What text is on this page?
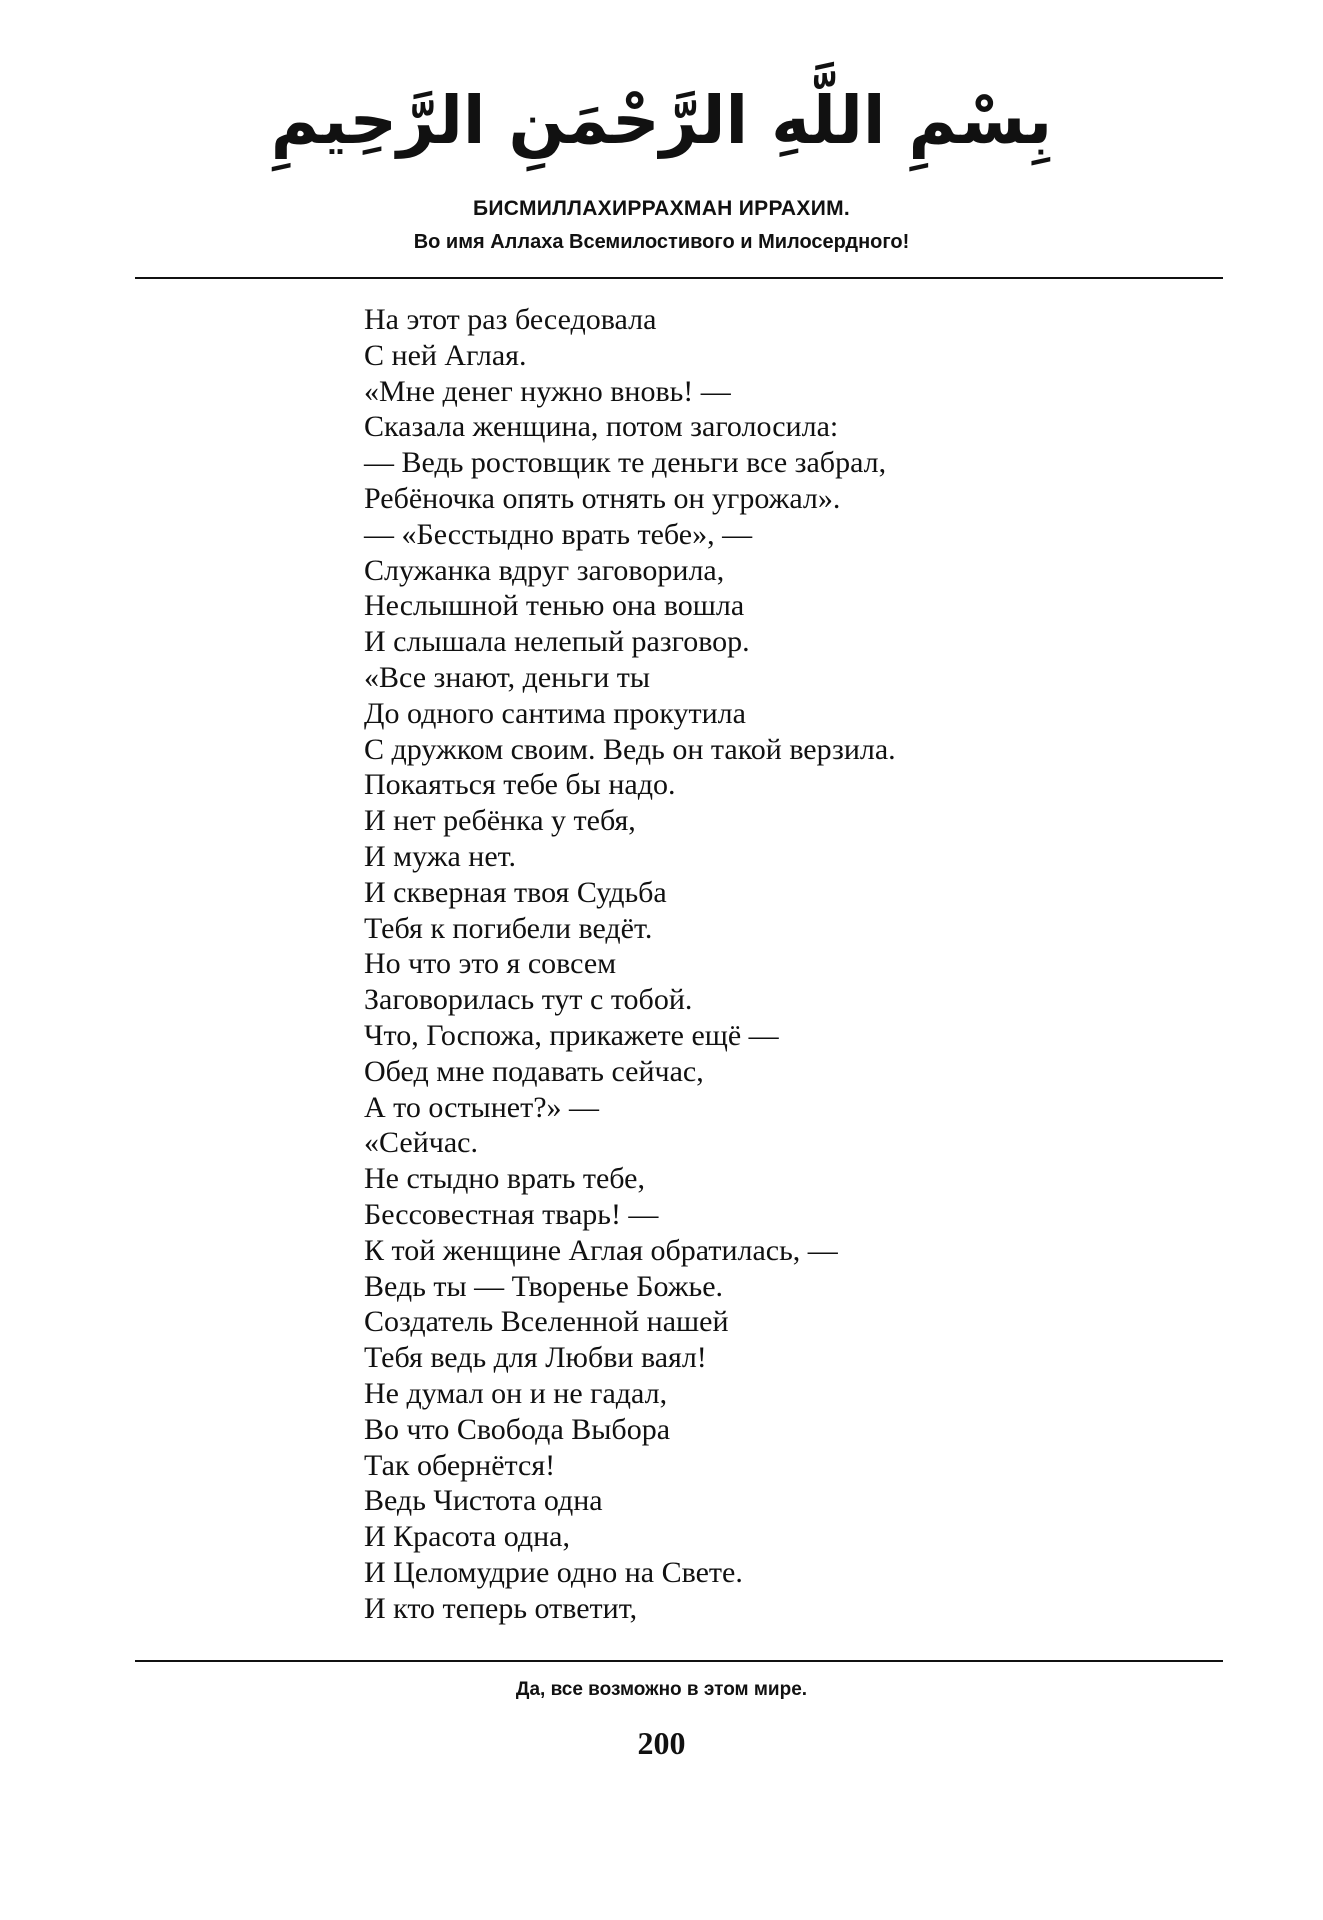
بِسْمِ اللَّهِ الرَّحْمَنِ الرَّحِيمِ
БИСМИЛЛАХИРРАХМАН ИРРАХИМ.
Во имя Аллаха Всемилостивого и Милосердного!
На этот раз беседовала
С ней Аглая.
«Мне денег нужно вновь! —
Сказала женщина, потом заголосила:
— Ведь ростовщик те деньги все забрал,
Ребёночка опять отнять он угрожал».
— «Бесстыдно врать тебе», —
Служанка вдруг заговорила,
Неслышной тенью она вошла
И слышала нелепый разговор.
«Все знают, деньги ты
До одного сантима прокутила
С дружком своим. Ведь он такой верзила.
Покаяться тебе бы надо.
И нет ребёнка у тебя,
И мужа нет.
И скверная твоя Судьба
Тебя к погибели ведёт.
Но что это я совсем
Заговорилась тут с тобой.
Что, Госпожа, прикажете ещё —
Обед мне подавать сейчас,
А то остынет?» —
«Сейчас.
Не стыдно врать тебе,
Бессовестная тварь! —
К той женщине Аглая обратилась, —
Ведь ты — Творенье Божье.
Создатель Вселенной нашей
Тебя ведь для Любви ваял!
Не думал он и не гадал,
Во что Свобода Выбора
Так обернётся!
Ведь Чистота одна
И Красота одна,
И Целомудрие одно на Свете.
И кто теперь ответит,
Да, все возможно в этом мире.
200
